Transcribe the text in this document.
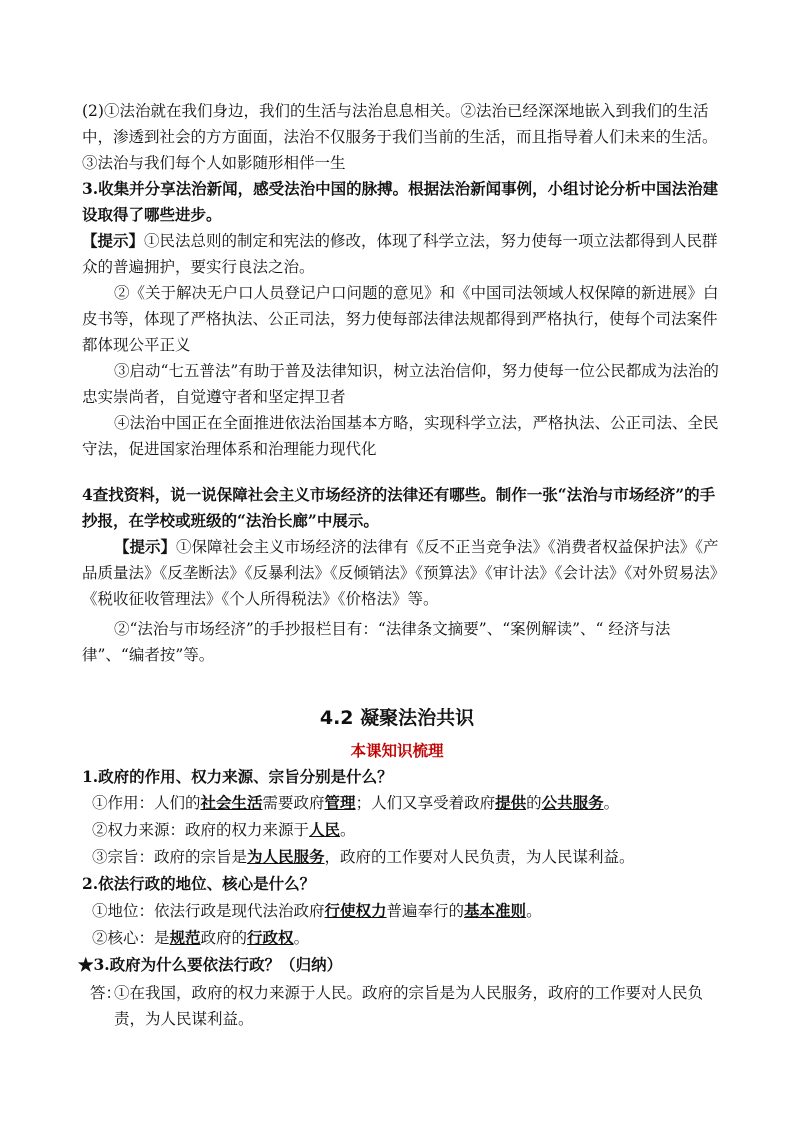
(2)①法治就在我们身边，我们的生活与法治息息相关。②法治已经深深地嵌入到我们的生活中，渗透到社会的方方面面，法治不仅服务于我们当前的生活，而且指导着人们未来的生活。③法治与我们每个人如影随形相伴一生

3.收集并分享法治新闻，感受法治中国的脉搏。根据法治新闻事例，小组讨论分析中国法治建设取得了哪些进步。

【提示】①民法总则的制定和宪法的修改，体现了科学立法，努力使每一项立法都得到人民群众的普遍拥护，要实行良法之治。

②《关于解决无户口人员登记户口问题的意见》和《中国司法领域人权保障的新进展》白皮书等，体现了严格执法、公正司法，努力使每部法律法规都得到严格执行，使每个司法案件都体现公平正义

③启动“七五普法”有助于普及法律知识，树立法治信仰，努力使每一位公民都成为法治的忠实崇尚者，自觉遵守者和坚定捍卫者

④法治中国正在全面推进依法治国基本方略，实现科学立法，严格执法、公正司法、全民守法，促进国家治理体系和治理能力现代化

4查找资料，说一说保障社会主义市场经济的法律还有哪些。制作一张“法治与市场经济”的手抄报，在学校或班级的“法治长廊”中展示。

【提示】①保障社会主义市场经济的法律有《反不正当竞争法》《消费者权益保护法》《产品质量法》《反垄断法》《反暴利法》《反倾销法》《预算法》《审计法》《会计法》《对外贸易法》《税收征收管理法》《个人所得税法》《价格法》等。

②“法治与市场经济”的手抄报栏目有：“法律条文摘要”、“案例解读”、“ 经济与法律”、“编者按”等。

4.2 凝聚法治共识
本课知识梳理
1.政府的作用、权力来源、宗旨分别是什么？
①作用：人们的社会生活需要政府管理；人们又享受着政府提供的公共服务。
②权力来源：政府的权力来源于人民。
③宗旨：政府的宗旨是为人民服务，政府的工作要对人民负责，为人民谋利益。
2.依法行政的地位、核心是什么？
①地位：依法行政是现代法治政府行使权力普遍奉行的基本准则。
②核心：是规范政府的行政权。
★3.政府为什么要依法行政？（归纳）
答：
①在我国，政府的权力来源于人民。政府的宗旨是为人民服务，政府的工作要对人民负责，为人民谋利益。
